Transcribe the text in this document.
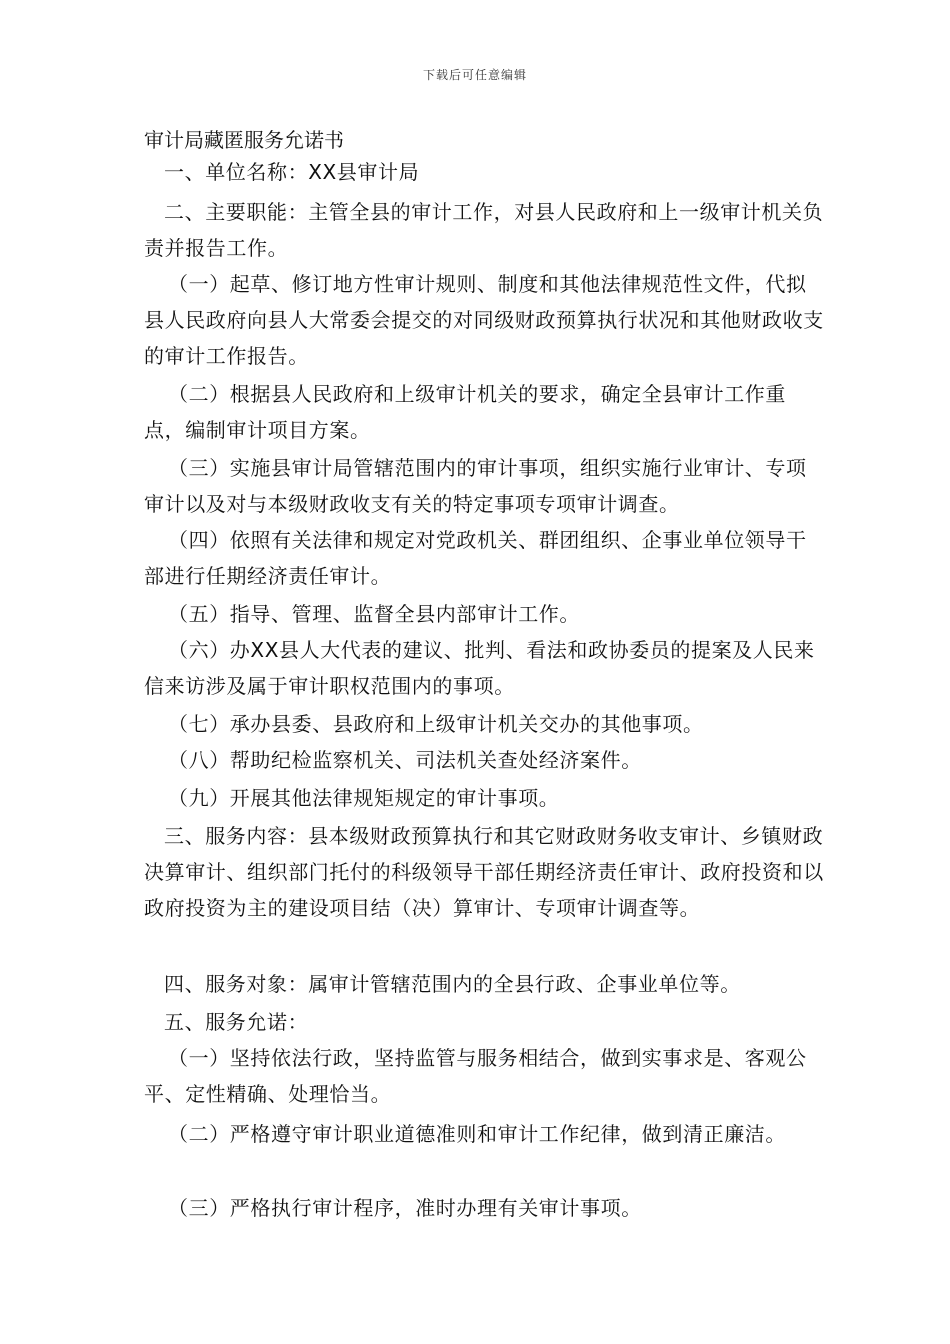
下载后可任意编辑
审计局藏匿服务允诺书
一、单位名称：XX县审计局
二、主要职能：主管全县的审计工作，对县人民政府和上一级审计机关负责并报告工作。
（一）起草、修订地方性审计规则、制度和其他法律规范性文件，代拟县人民政府向县人大常委会提交的对同级财政预算执行状况和其他财政收支的审计工作报告。
（二）根据县人民政府和上级审计机关的要求，确定全县审计工作重点，编制审计项目方案。
（三）实施县审计局管辖范围内的审计事项，组织实施行业审计、专项审计以及对与本级财政收支有关的特定事项专项审计调查。
（四）依照有关法律和规定对党政机关、群团组织、企事业单位领导干部进行任期经济责任审计。
（五）指导、管理、监督全县内部审计工作。
（六）办XX县人大代表的建议、批判、看法和政协委员的提案及人民来信来访涉及属于审计职权范围内的事项。
（七）承办县委、县政府和上级审计机关交办的其他事项。
（八）帮助纪检监察机关、司法机关查处经济案件。
（九）开展其他法律规矩规定的审计事项。
三、服务内容：县本级财政预算执行和其它财政财务收支审计、乡镇财政决算审计、组织部门托付的科级领导干部任期经济责任审计、政府投资和以政府投资为主的建设项目结（决）算审计、专项审计调查等。
四、服务对象：属审计管辖范围内的全县行政、企事业单位等。
五、服务允诺：
（一）坚持依法行政，坚持监管与服务相结合，做到实事求是、客观公平、定性精确、处理恰当。
（二）严格遵守审计职业道德准则和审计工作纪律，做到清正廉洁。
（三）严格执行审计程序，准时办理有关审计事项。
